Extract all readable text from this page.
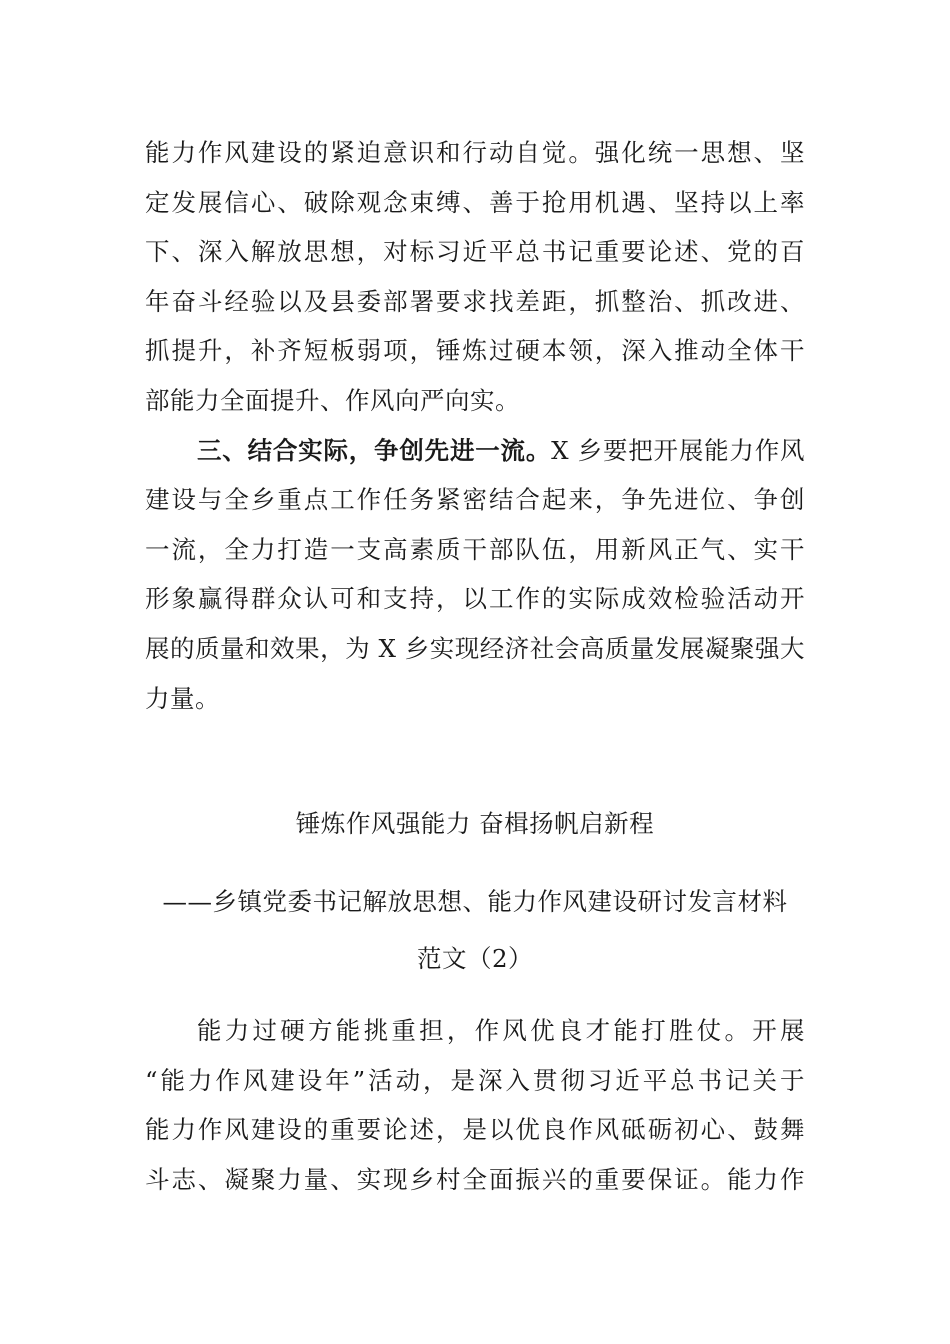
能力作风建设的紧迫意识和行动自觉。强化统一思想、坚
定发展信心、破除观念束缚、善于抢用机遇、坚持以上率
下、深入解放思想，对标习近平总书记重要论述、党的百
年奋斗经验以及县委部署要求找差距，抓整治、抓改进、
抓提升，补齐短板弱项，锤炼过硬本领，深入推动全体干
部能力全面提升、作风向严向实。
三、结合实际，争创先进一流。X 乡要把开展能力作风
建设与全乡重点工作任务紧密结合起来，争先进位、争创
一流，全力打造一支高素质干部队伍，用新风正气、实干
形象赢得群众认可和支持，以工作的实际成效检验活动开
展的质量和效果，为 X 乡实现经济社会高质量发展凝聚强大
力量。
锤炼作风强能力 奋楫扬帆启新程
——乡镇党委书记解放思想、能力作风建设研讨发言材料
范文（2）
能力过硬方能挑重担，作风优良才能打胜仗。开展
“能力作风建设年”活动，是深入贯彻习近平总书记关于
能力作风建设的重要论述，是以优良作风砥砺初心、鼓舞
斗志、凝聚力量、实现乡村全面振兴的重要保证。能力作
